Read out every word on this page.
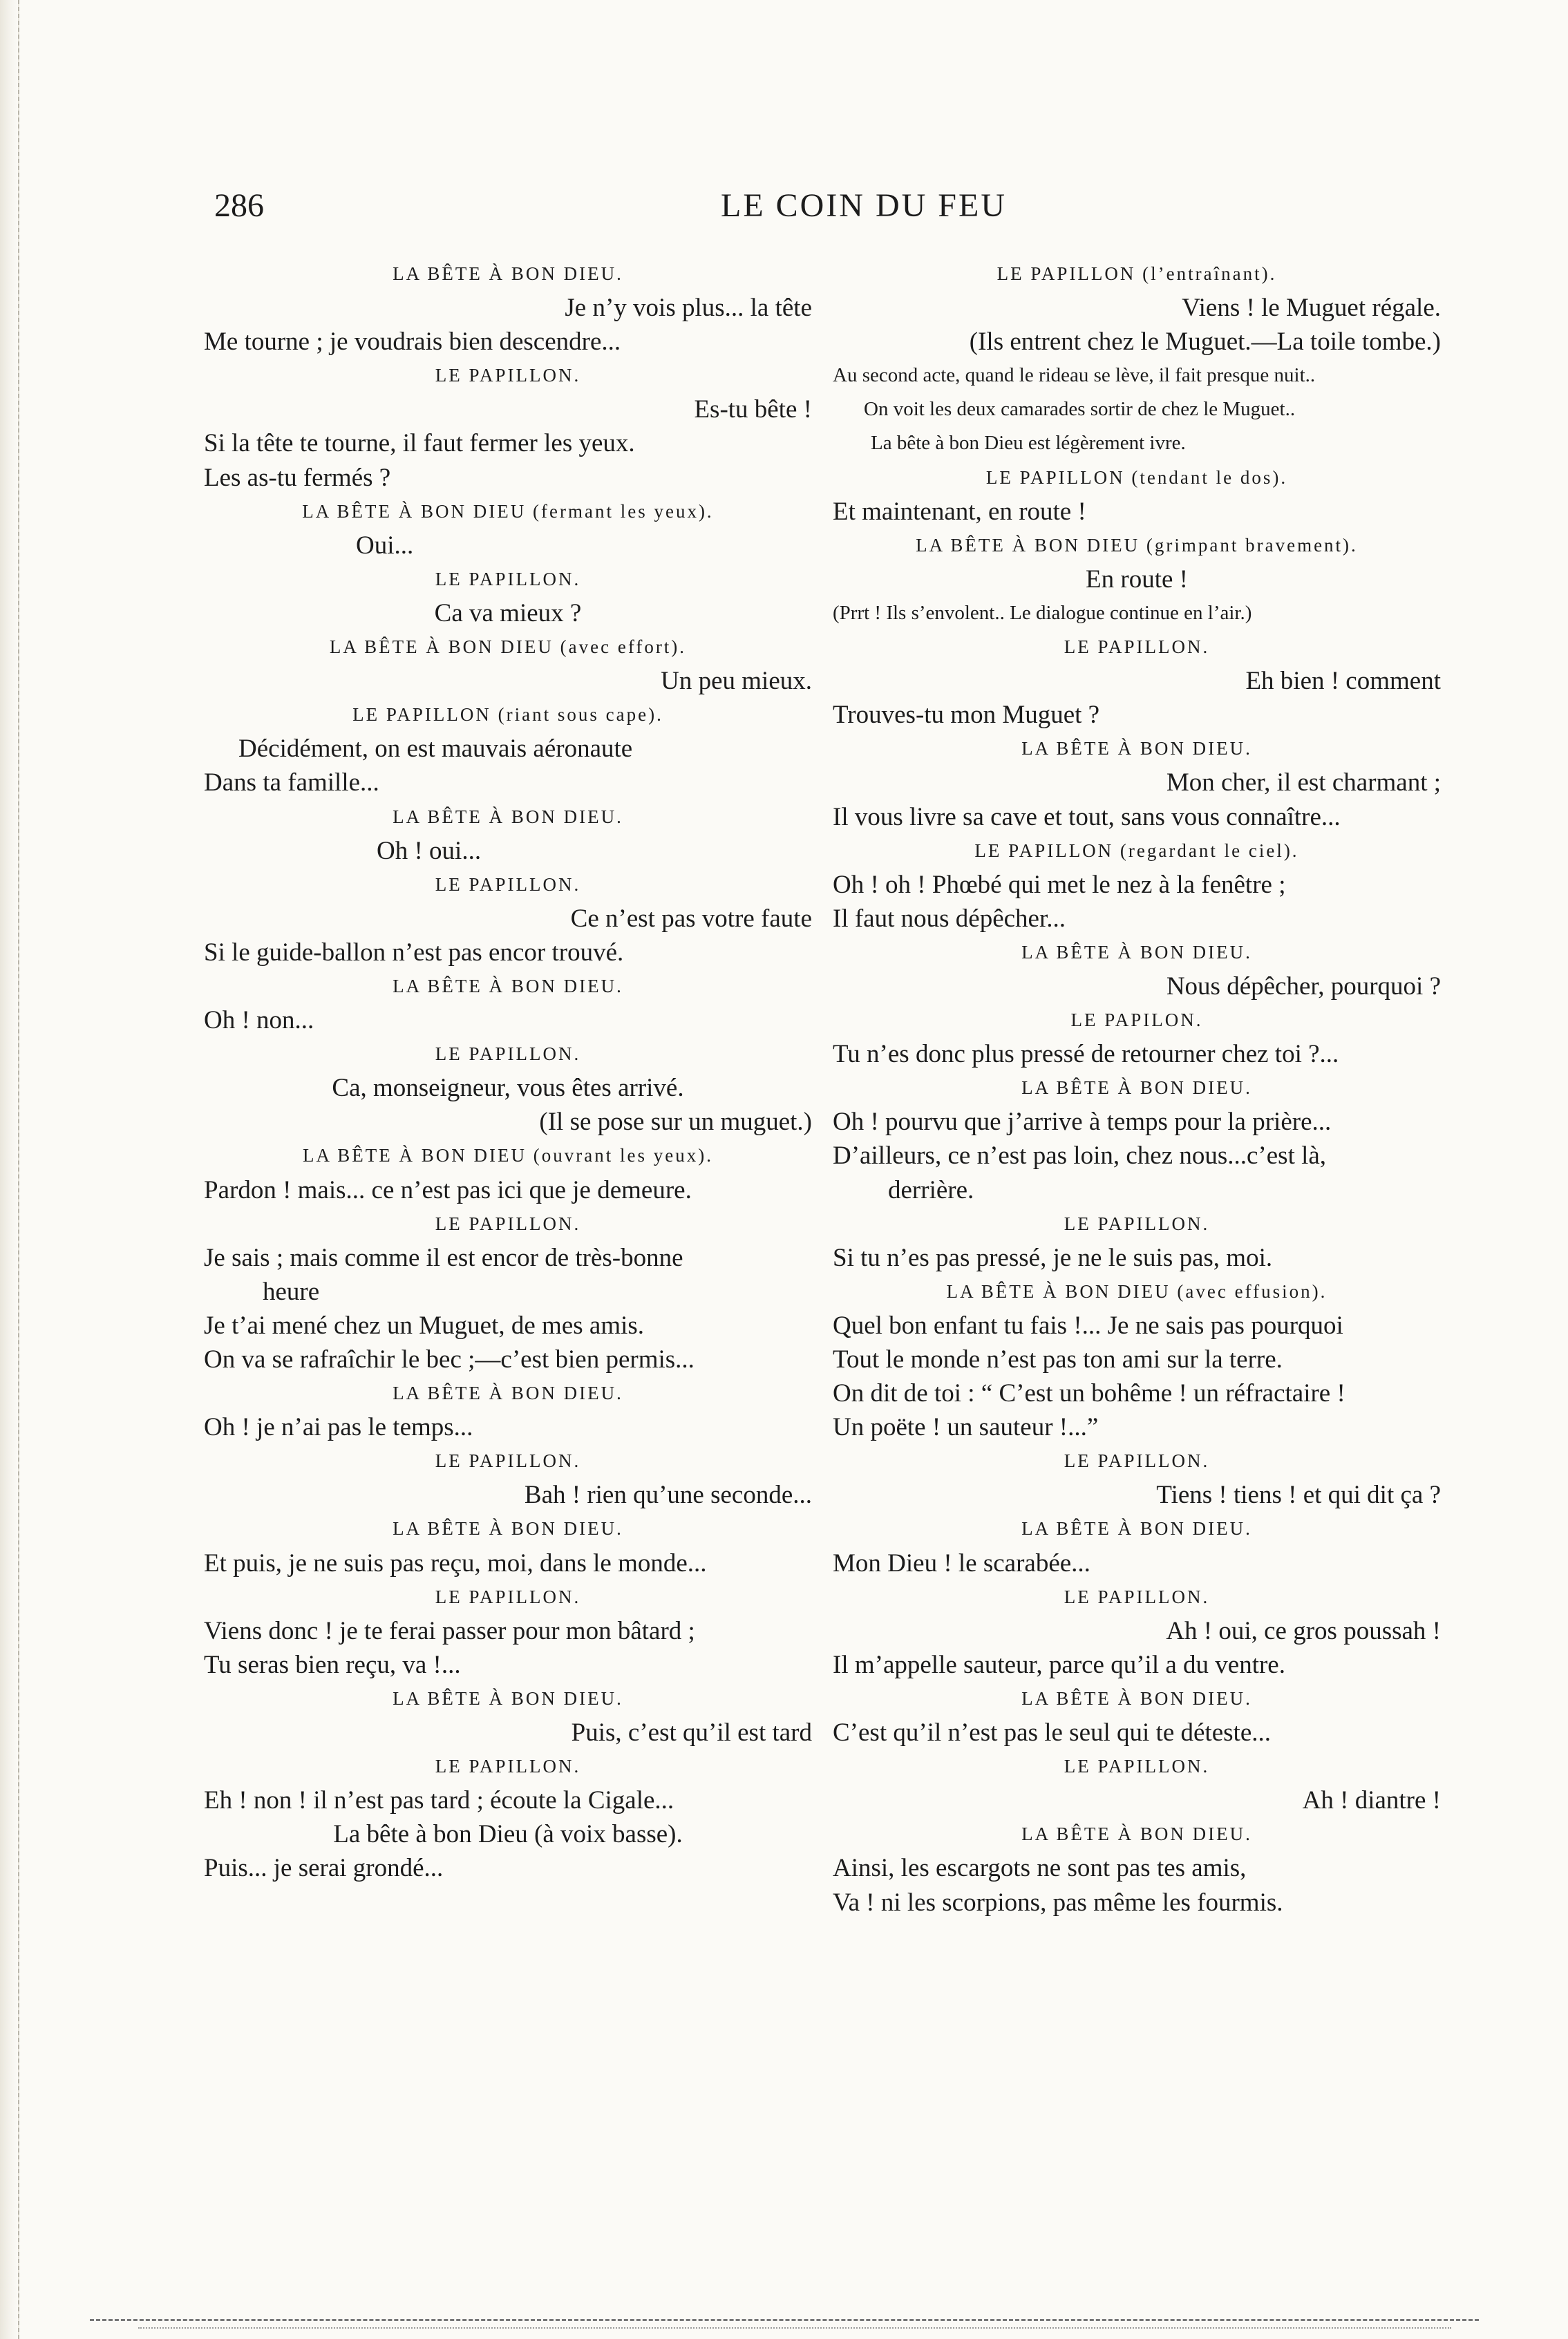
286	LE COIN DU FEU
LA BÊTE À BON DIEU.
Je n’y vois plus... la tête
Me tourne ; je voudrais bien descendre...
LE PAPILLON.
Es-tu bête !
Si la tête te tourne, il faut fermer les yeux.
Les as-tu fermés ?
LA BÊTE À BON DIEU (fermant les yeux).
Oui...
LE PAPILLON.
Ca va mieux ?
LA BÊTE À BON DIEU (avec effort).
Un peu mieux.
LE PAPILLON (riant sous cape).
Décidément, on est mauvais aéronaute
Dans ta famille...
LA BÊTE À BON DIEU.
Oh ! oui...
LE PAPILLON.
Ce n’est pas votre faute
Si le guide-ballon n’est pas encor trouvé.
LA BÊTE À BON DIEU.
Oh ! non...
LE PAPILLON.
Ca, monseigneur, vous êtes arrivé.
(Il se pose sur un muguet.)
LA BÊTE À BON DIEU (ouvrant les yeux).
Pardon ! mais... ce n’est pas ici que je demeure.
LE PAPILLON.
Je sais ; mais comme il est encor de très-bonne
heure
Je t’ai mené chez un Muguet, de mes amis.
On va se rafraîchir le bec ;—c’est bien permis...
LA BÊTE À BON DIEU.
Oh ! je n’ai pas le temps...
LE PAPILLON.
Bah ! rien qu’une seconde...
LA BÊTE À BON DIEU.
Et puis, je ne suis pas reçu, moi, dans le monde...
LE PAPILLON.
Viens donc ! je te ferai passer pour mon bâtard ;
Tu seras bien reçu, va !...
LA BÊTE À BON DIEU.
Puis, c’est qu’il est tard
LE PAPILLON.
Eh ! non ! il n’est pas tard ; écoute la Cigale...
La bête à bon Dieu (à voix basse).
Puis... je serai grondé...
LE PAPILLON (l’entraînant).
Viens ! le Muguet régale.
(Ils entrent chez le Muguet.—La toile tombe.)
Au second acte, quand le rideau se lève, il fait presque nuit..
On voit les deux camarades sortir de chez le Muguet..
La bête à bon Dieu est légèrement ivre.
LE PAPILLON (tendant le dos).
Et maintenant, en route !
LA BÊTE À BON DIEU (grimpant bravement).
En route !
(Prrt ! Ils s’envolent.. Le dialogue continue en l’air.)
LE PAPILLON.
Eh bien ! comment
Trouves-tu mon Muguet ?
LA BÊTE À BON DIEU.
Mon cher, il est charmant ;
Il vous livre sa cave et tout, sans vous connaître...
LE PAPILLON (regardant le ciel).
Oh ! oh ! Phœbé qui met le nez à la fenêtre ;
Il faut nous dépêcher...
LA BÊTE À BON DIEU.
Nous dépêcher, pourquoi ?
LE PAPILON.
Tu n’es donc plus pressé de retourner chez toi ?...
LA BÊTE À BON DIEU.
Oh ! pourvu que j’arrive à temps pour la prière...
D’ailleurs, ce n’est pas loin, chez nous...c’est là,
derrière.
LE PAPILLON.
Si tu n’es pas pressé, je ne le suis pas, moi.
LA BÊTE À BON DIEU (avec effusion).
Quel bon enfant tu fais !... Je ne sais pas pourquoi
Tout le monde n’est pas ton ami sur la terre.
On dit de toi : “ C’est un bohême ! un réfractaire !
Un poëte ! un sauteur !...”
LE PAPILLON.
Tiens ! tiens ! et qui dit ça ?
LA BÊTE À BON DIEU.
Mon Dieu ! le scarabée...
LE PAPILLON.
Ah ! oui, ce gros poussah !
Il m’appelle sauteur, parce qu’il a du ventre.
LA BÊTE À BON DIEU.
C’est qu’il n’est pas le seul qui te déteste...
LE PAPILLON.
Ah ! diantre !
LA BÊTE À BON DIEU.
Ainsi, les escargots ne sont pas tes amis,
Va ! ni les scorpions, pas même les fourmis.
